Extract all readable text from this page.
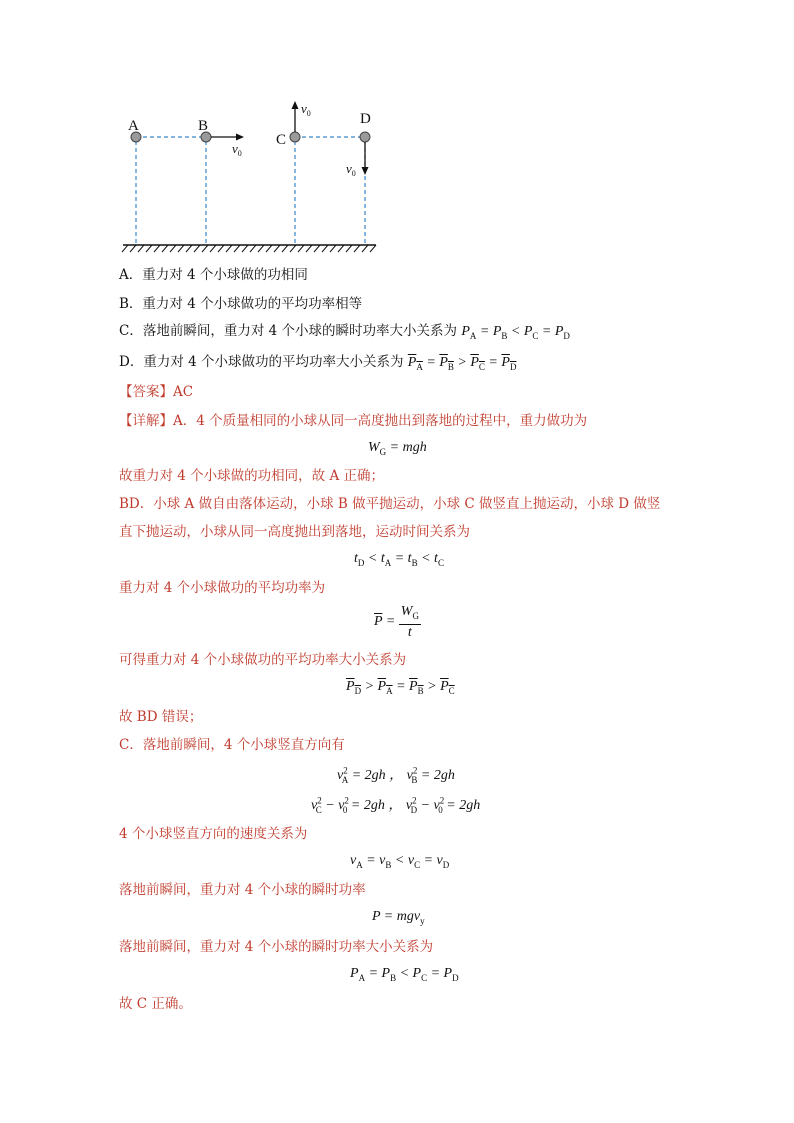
A	B
C
D
$v_0$
$v_0$
$v_0$
A．重力对 4 个小球做的功相同
B．重力对 4 个小球做功的平均功率相等
C．落地前瞬间，重力对 4 个小球的瞬时功率大小关系为 $P_A = P_B < P_C = P_D$
D．重力对 4 个小球做功的平均功率大小关系为 $P_A = P_B > P_C = P_D$
【答案】AC
【详解】A．4 个质量相同的小球从同一高度抛出到落地的过程中，重力做功为
$W_G$ = mgh
故重力对 4 个小球做的功相同，故 A 正确；
BD．小球 A 做自由落体运动，小球 B 做平抛运动，小球 C 做竖直上抛运动，小球 D 做竖
直下抛运动，小球从同一高度抛出到落地，运动时间关系为
$t_D < t_A = t_B < t_C$
重力对 4 个小球做功的平均功率为
$\overline{P} = \frac{W_G}{t}$
可得重力对 4 个小球做功的平均功率大小关系为
$P_D > P_A = P_B > P_C$
故 BD 错误；
C．落地前瞬间，4 个小球竖直方向有
$v^2_A = 2gh$ ， $v^2_B = 2gh$
$v^2_C - v^2_0 = 2gh$ ， $v^2_D - v^2_0 = 2gh$
4 个小球竖直方向的速度关系为
$v_A = v_B < v_C = v_D$
落地前瞬间，重力对 4 个小球的瞬时功率
P = mgv$_y$
落地前瞬间，重力对 4 个小球的瞬时功率大小关系为
$P_A = P_B < P_C = P_D$
故 C 正确。
